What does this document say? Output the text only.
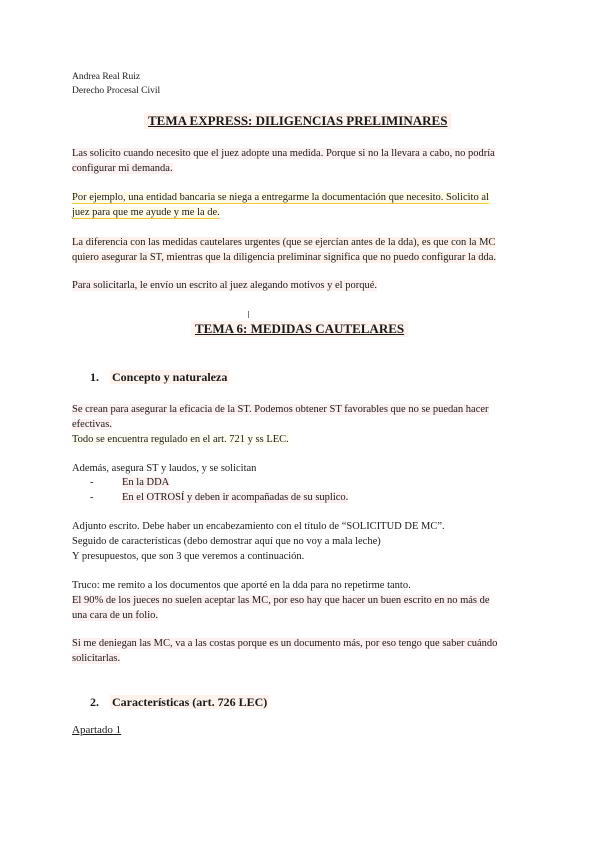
Andrea Real Ruiz
Derecho Procesal Civil
TEMA EXPRESS: DILIGENCIAS PRELIMINARES
Las solicito cuando necesito que el juez adopte una medida. Porque si no la llevara a cabo, no podría
configurar mi demanda.
Por ejemplo, una entidad bancaria se niega a entregarme la documentación que necesito. Solicito al
juez para que me ayude y me la de.
La diferencia con las medidas cautelares urgentes (que se ejercían antes de la dda), es que con la MC
quiero asegurar la ST, mientras que la diligencia preliminar significa que no puedo configurar la dda.
Para solicitarla, le envío un escrito al juez alegando motivos y el porqué.
I
TEMA 6: MEDIDAS CAUTELARES
1. Concepto y naturaleza
Se crean para asegurar la eficacia de la ST. Podemos obtener ST favorables que no se puedan hacer
efectivas.
Todo se encuentra regulado en el art. 721 y ss LEC.
Además, asegura ST y laudos, y se solicitan
-	En la DDA
-	En el OTROSÍ y deben ir acompañadas de su suplico.
Adjunto escrito. Debe haber un encabezamiento con el título de “SOLICITUD DE MC”.
Seguido de características (debo demostrar aquí que no voy a mala leche)
Y presupuestos, que son 3 que veremos a continuación.
Truco: me remito a los documentos que aporté en la dda para no repetirme tanto.
El 90% de los jueces no suelen aceptar las MC, por eso hay que hacer un buen escrito en no más de
una cara de un folio.
Si me deniegan las MC, va a las costas porque es un documento más, por eso tengo que saber cuándo
solicitarlas.
2. Características (art. 726 LEC)
Apartado 1
